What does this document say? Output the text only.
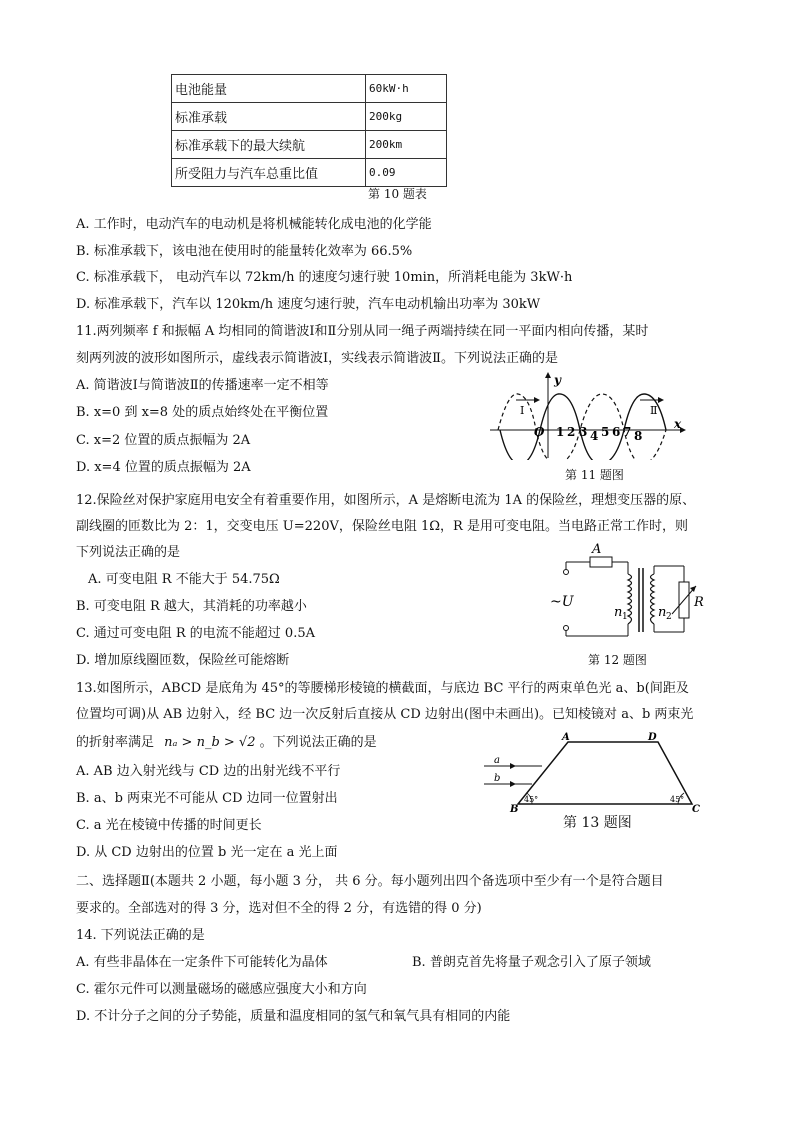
电池能量	60kW·h
标准承载	200kg
标准承载下的最大续航	200km
所受阻力与汽车总重比值	0.09
第 10 题表
A. 工作时，电动汽车的电动机是将机械能转化成电池的化学能
B. 标准承载下，该电池在使用时的能量转化效率为 66.5%
C. 标准承载下， 电动汽车以 72km/h 的速度匀速行驶 10min，所消耗电能为 3kW·h
D. 标准承载下，汽车以 120km/h 速度匀速行驶，汽车电动机输出功率为 30kW
11.两列频率 f 和振幅 A 均相同的简谐波Ⅰ和Ⅱ分别从同一绳子两端持续在同一平面内相向传播，某时
刻两列波的波形如图所示，虚线表示简谐波Ⅰ，实线表示简谐波Ⅱ。下列说法正确的是
A. 简谐波Ⅰ与简谐波Ⅱ的传播速率一定不相等
B. x=0 到 x=8 处的质点始终处在平衡位置
C. x=2 位置的质点振幅为 2A
D. x=4 位置的质点振幅为 2A
Ⅰ	Ⅱ
y
x
O 1 2 3 4 5 6 7 8
第 11 题图
12.保险丝对保护家庭用电安全有着重要作用，如图所示，A 是熔断电流为 1A 的保险丝，理想变压器的原、
副线圈的匝数比为 2：1，交变电压 U=220V，保险丝电阻 1Ω，R 是用可变电阻。当电路正常工作时，则
下列说法正确的是
A. 可变电阻 R 不能大于 54.75Ω
B. 可变电阻 R 越大，其消耗的功率越小
C. 通过可变电阻 R 的电流不能超过 0.5A
D. 增加原线圈匝数，保险丝可能熔断
A
~U
n 1 n 2
R
第 12 题图
13.如图所示，ABCD 是底角为 45°的等腰梯形棱镜的横截面，与底边 BC 平行的两束单色光 a、b(间距及
位置均可调)从 AB 边射入，经 BC 边一次反射后直接从 CD 边射出(图中未画出)。已知棱镜对 a、b 两束光
的折射率满足 nₐ > n_b > √2 。下列说法正确的是
A. AB 边入射光线与 CD 边的出射光线不平行
B. a、b 两束光不可能从 CD 边同一位置射出
C. a 光在棱镜中传播的时间更长
D. 从 CD 边射出的位置 b 光一定在 a 光上面
A	D
B	C
a
b
45°	45°
第 13 题图
二、选择题Ⅱ(本题共 2 小题，每小题 3 分， 共 6 分。每小题列出四个备选项中至少有一个是符合题目
要求的。全部选对的得 3 分，选对但不全的得 2 分，有选错的得 0 分)
14. 下列说法正确的是
A. 有些非晶体在一定条件下可能转化为晶体	B. 普朗克首先将量子观念引入了原子领域
C. 霍尔元件可以测量磁场的磁感应强度大小和方向
D. 不计分子之间的分子势能，质量和温度相同的氢气和氧气具有相同的内能
